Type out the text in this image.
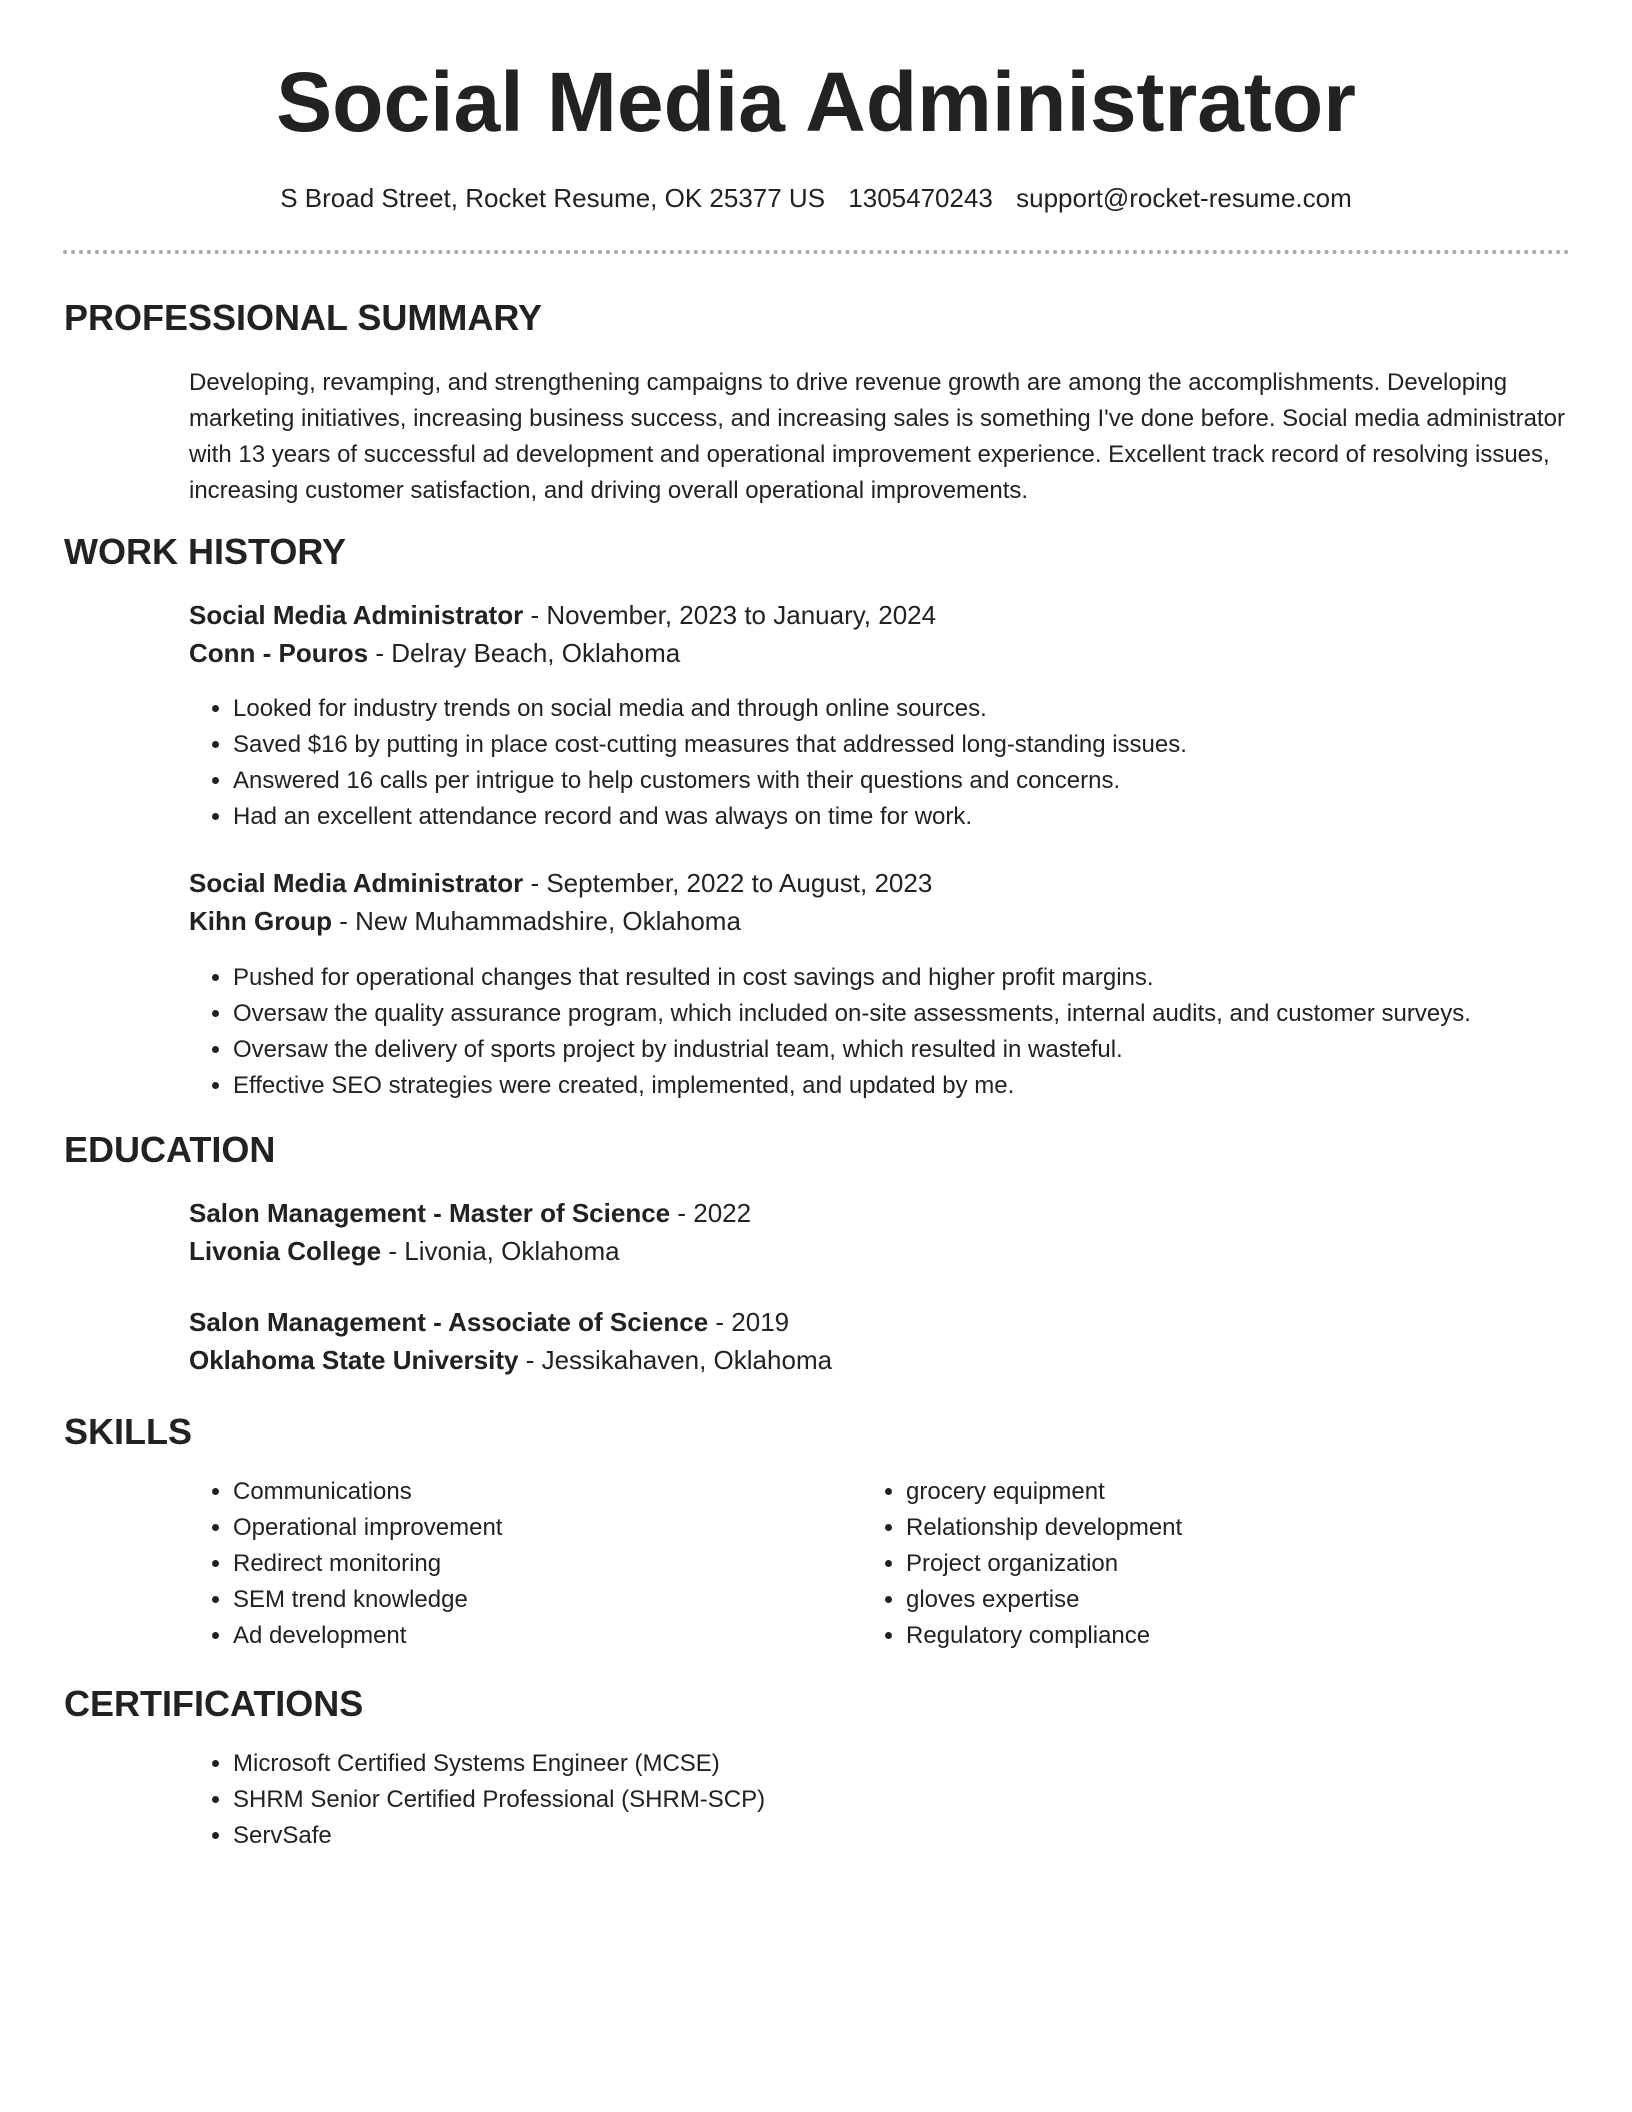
Social Media Administrator
S Broad Street, Rocket Resume, OK 25377 US 1305470243 support@rocket-resume.com
PROFESSIONAL SUMMARY

Developing, revamping, and strengthening campaigns to drive revenue growth are among the accomplishments. Developing marketing initiatives, increasing business success, and increasing sales is something I've done before. Social media administrator with 13 years of successful ad development and operational improvement experience. Excellent track record of resolving issues, increasing customer satisfaction, and driving overall operational improvements.

WORK HISTORY
Social Media Administrator - November, 2023 to January, 2024
Conn - Pouros - Delray Beach, Oklahoma
• Looked for industry trends on social media and through online sources.
• Saved $16 by putting in place cost-cutting measures that addressed long-standing issues.
• Answered 16 calls per intrigue to help customers with their questions and concerns.
• Had an excellent attendance record and was always on time for work.
Social Media Administrator - September, 2022 to August, 2023
Kihn Group - New Muhammadshire, Oklahoma
• Pushed for operational changes that resulted in cost savings and higher profit margins.
• Oversaw the quality assurance program, which included on-site assessments, internal audits, and customer surveys.
• Oversaw the delivery of sports project by industrial team, which resulted in wasteful.
• Effective SEO strategies were created, implemented, and updated by me.
EDUCATION
Salon Management - Master of Science - 2022
Livonia College - Livonia, Oklahoma
Salon Management - Associate of Science - 2019
Oklahoma State University - Jessikahaven, Oklahoma
SKILLS
• Communications
• Operational improvement
• Redirect monitoring
• SEM trend knowledge
• Ad development
• grocery equipment
• Relationship development
• Project organization
• gloves expertise
• Regulatory compliance
CERTIFICATIONS
• Microsoft Certified Systems Engineer (MCSE)
• SHRM Senior Certified Professional (SHRM-SCP)
• ServSafe
